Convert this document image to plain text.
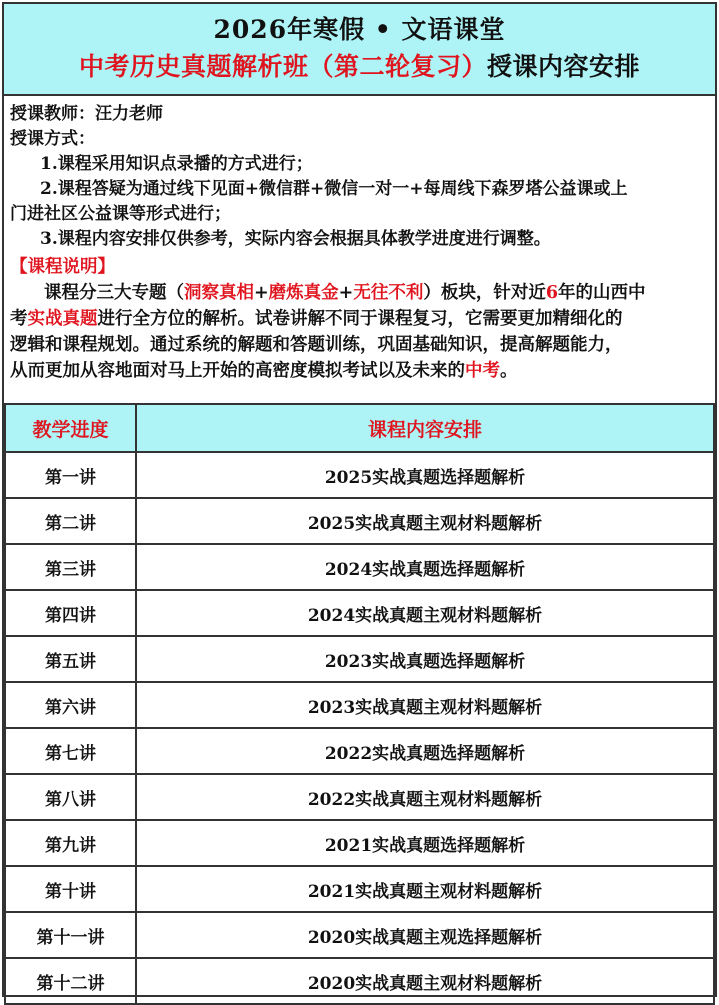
2026年寒假 • 文语课堂
中考历史真题解析班（第二轮复习）授课内容安排
授课教师：汪力老师
授课方式：
1.课程采用知识点录播的方式进行；
2.课程答疑为通过线下见面+微信群+微信一对一+每周线下森罗塔公益课或上
门进社区公益课等形式进行；
3.课程内容安排仅供参考，实际内容会根据具体教学进度进行调整。
【课程说明】
课程分三大专题（洞察真相+磨炼真金+无往不利）板块，针对近6年的山西中
考实战真题进行全方位的解析。试卷讲解不同于课程复习，它需要更加精细化的
逻辑和课程规划。通过系统的解题和答题训练，巩固基础知识，提高解题能力，
从而更加从容地面对马上开始的高密度模拟考试以及未来的中考。
教学进度	课程内容安排
第一讲	2025实战真题选择题解析
第二讲	2025实战真题主观材料题解析
第三讲	2024实战真题选择题解析
第四讲	2024实战真题主观材料题解析
第五讲	2023实战真题选择题解析
第六讲	2023实战真题主观材料题解析
第七讲	2022实战真题选择题解析
第八讲	2022实战真题主观材料题解析
第九讲	2021实战真题选择题解析
第十讲	2021实战真题主观材料题解析
第十一讲	2020实战真题主观选择题解析
第十二讲	2020实战真题主观材料题解析
